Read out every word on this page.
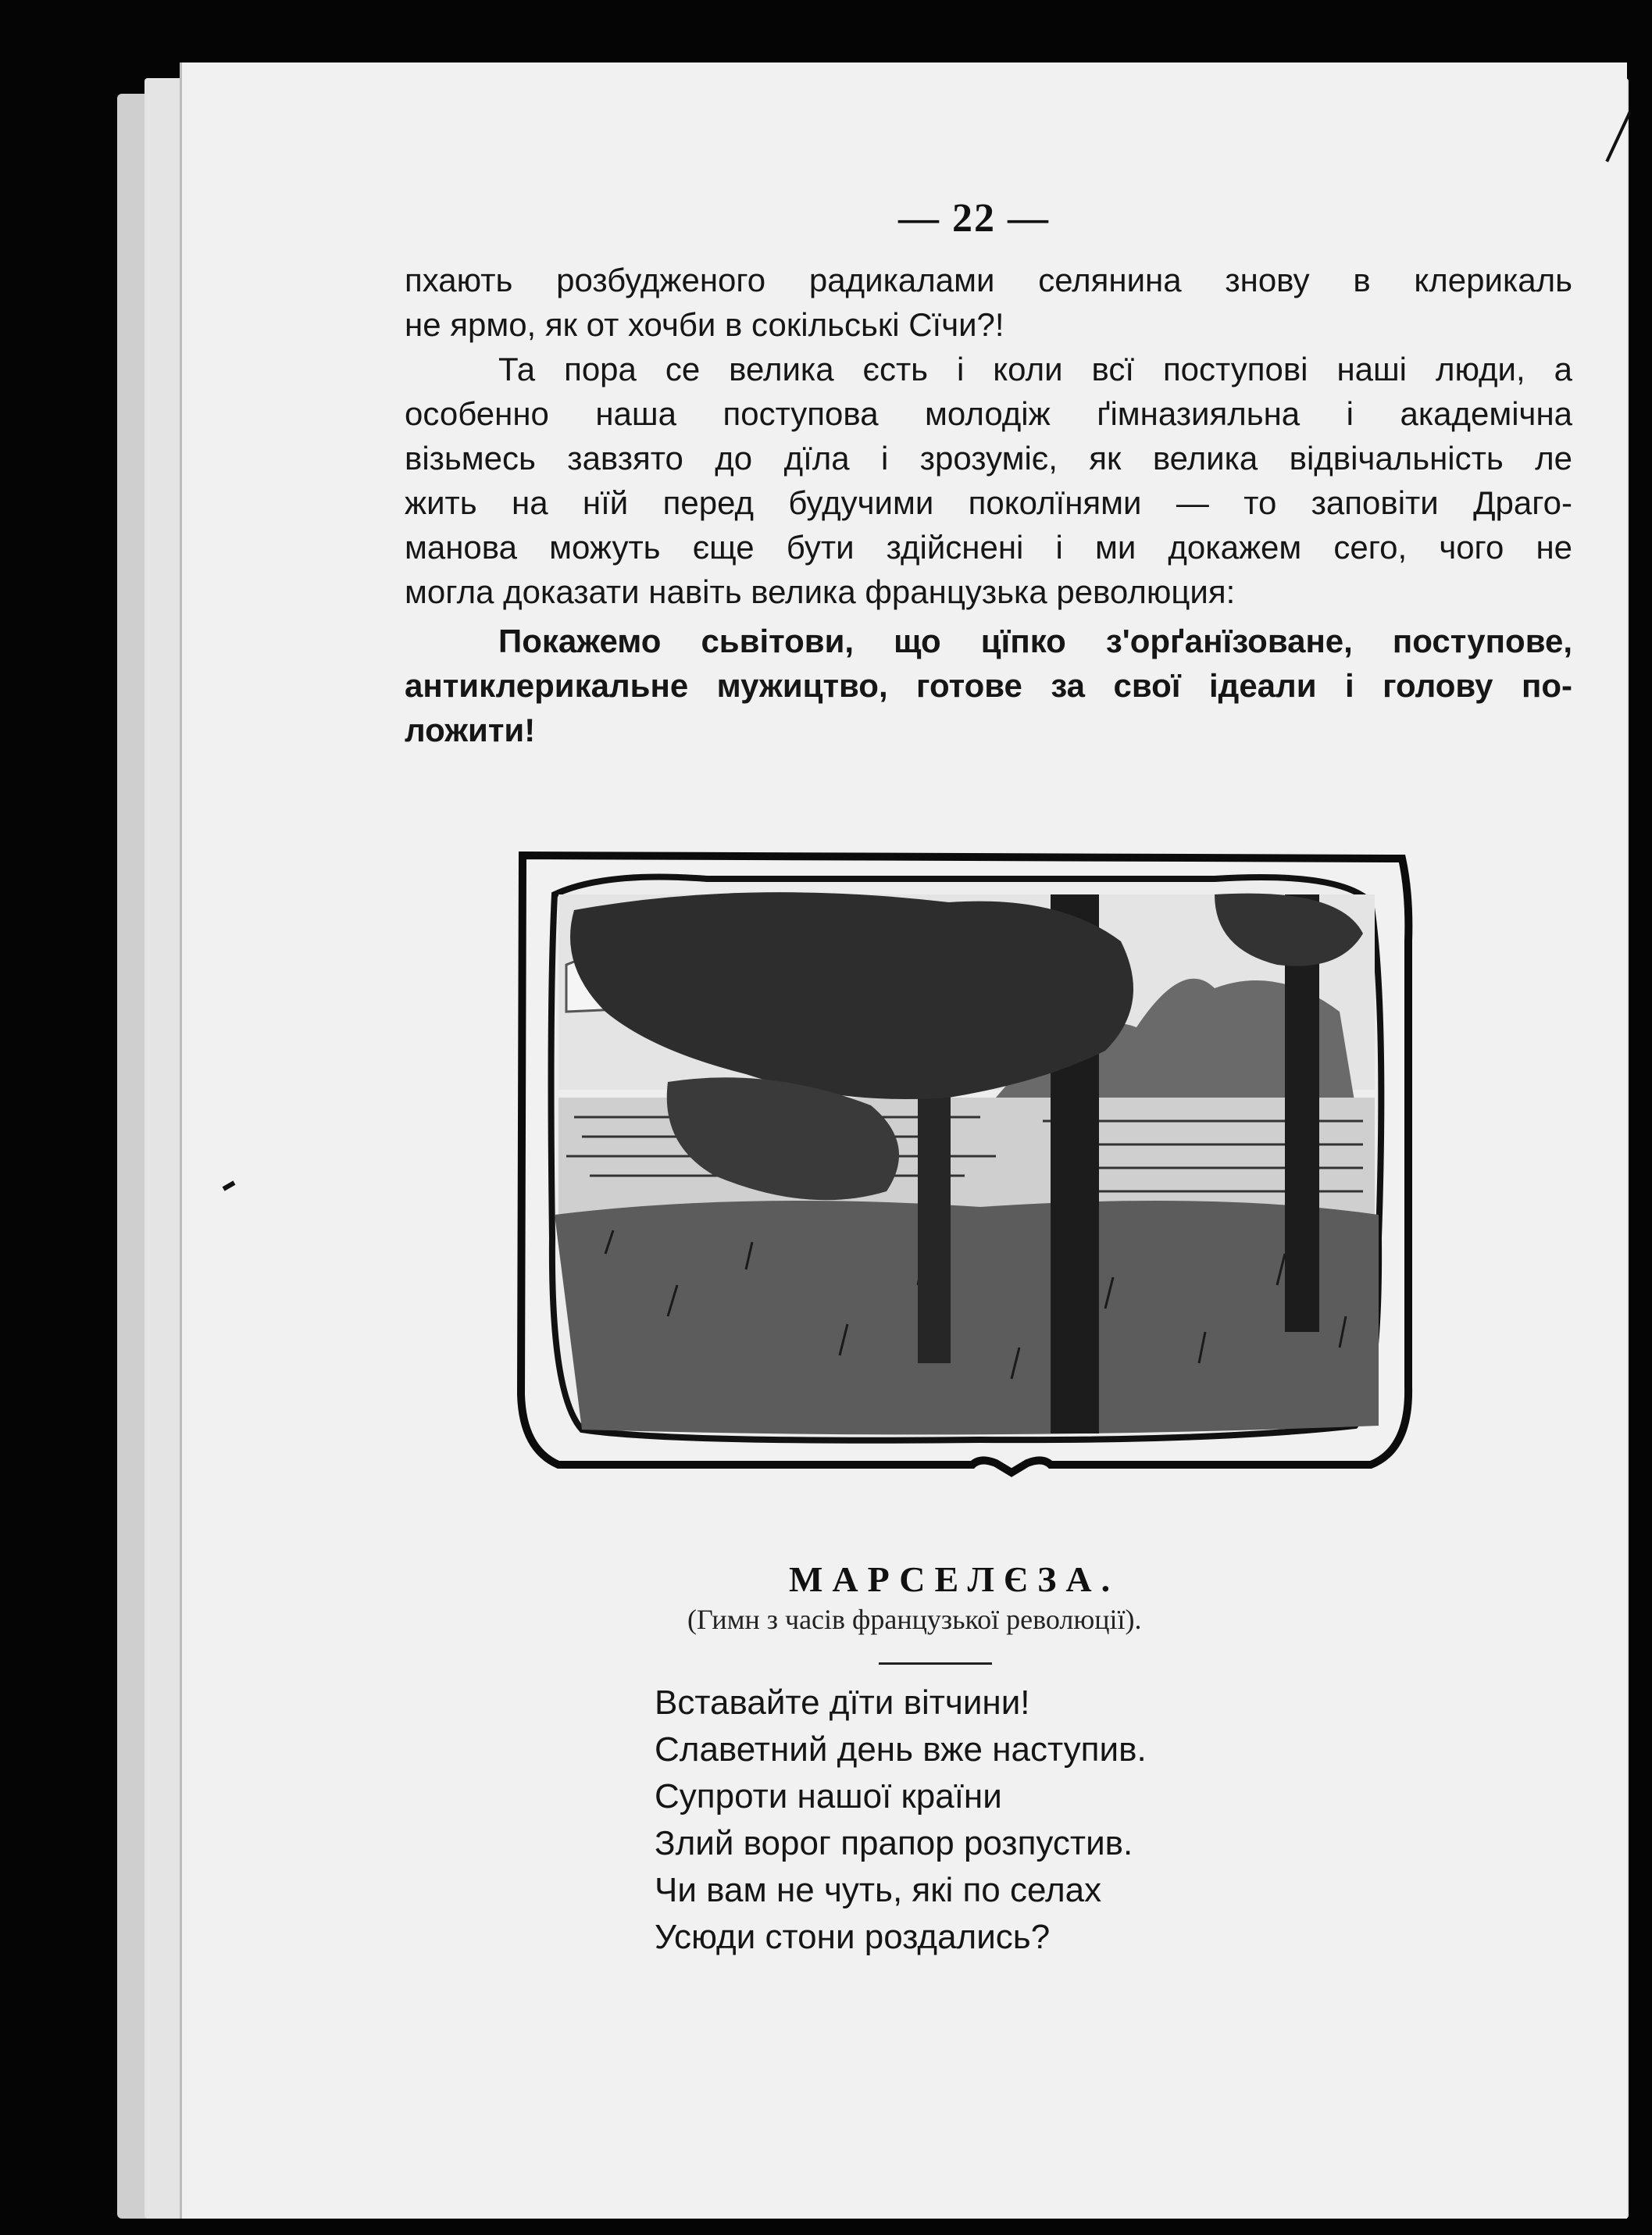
— 22 —

пхають розбудженого радикалами селянина знову в клерикаль
не ярмо, як от хочби в сокільські Сїчи?!

Та пора се велика єсть і коли всї поступові наші люди, а
особенно наша поступова молодіж ґімназияльна і академічна
візьмесь завзято до дїла і зрозуміє, як велика відвічальність ле
жить на нїй перед будучими поколїнями — то заповіти Драго-
манова можуть єще бути здійснені і ми докажем сего, чого не
могла доказати навіть велика французька революция:

Покажемо сьвітови, що цїпко з'орґанїзоване, поступове,
антиклерикальне мужицтво, готове за свої ідеали і голову по-
ложити!

МАРСЕЛЄЗА.
(Гимн з часів французької революції).
Вставайте дїти вітчини!
Славетний день вже наступив.
Супроти нашої країни
Злий ворог прапор розпустив.
Чи вам не чуть, які по селах
Усюди стони роздались?
